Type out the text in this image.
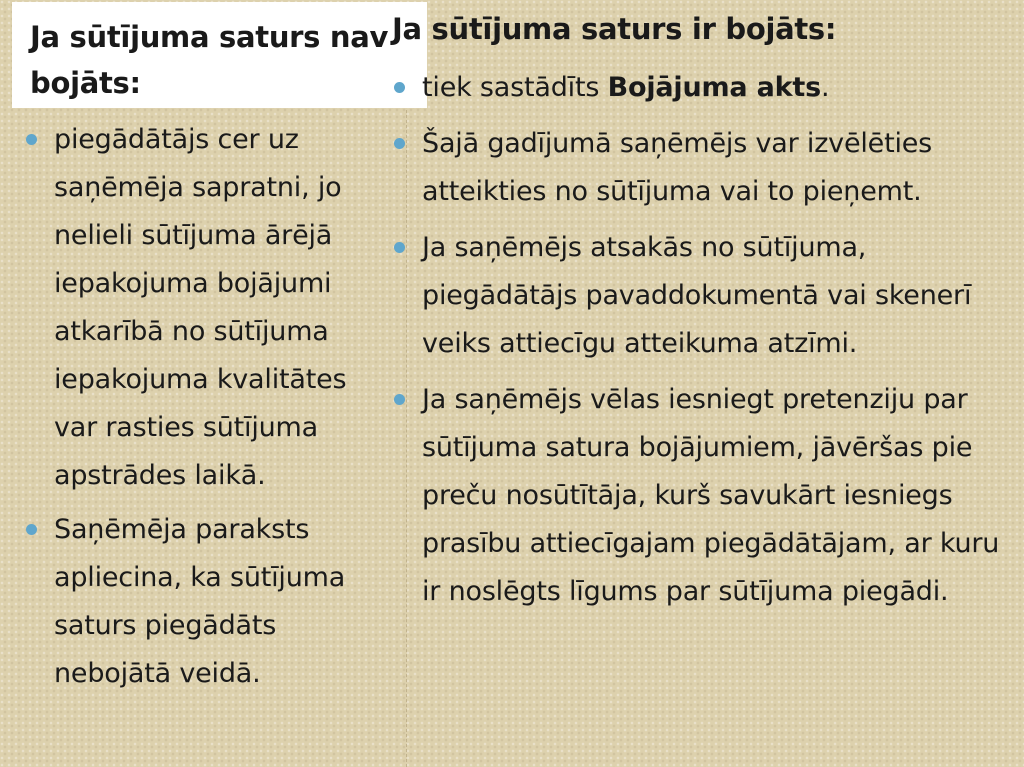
Ja sūtījuma saturs nav bojāts:
piegādātājs cer uz saņēmēja sapratni, jo nelieli sūtījuma ārējā iepakojuma bojājumi atkarībā no sūtījuma iepakojuma kvalitātes var rasties sūtījuma apstrādes laikā.
Saņēmēja paraksts apliecina, ka sūtījuma saturs piegādāts nebojātā veidā.
Ja sūtījuma saturs ir bojāts:
tiek sastādīts Bojājuma akts.
Šajā gadījumā saņēmējs var izvēlēties atteikties no sūtījuma vai to pieņemt.
Ja saņēmējs atsakās no sūtījuma, piegādātājs pavaddokumentā vai skenerī veiks attiecīgu atteikuma atzīmi.
Ja saņēmējs vēlas iesniegt pretenziju par sūtījuma satura bojājumiem, jāvēršas pie preču nosūtītāja, kurš savukārt iesniegs prasību attiecīgajam piegādātājam, ar kuru ir noslēgts līgums par sūtījuma piegādi.
